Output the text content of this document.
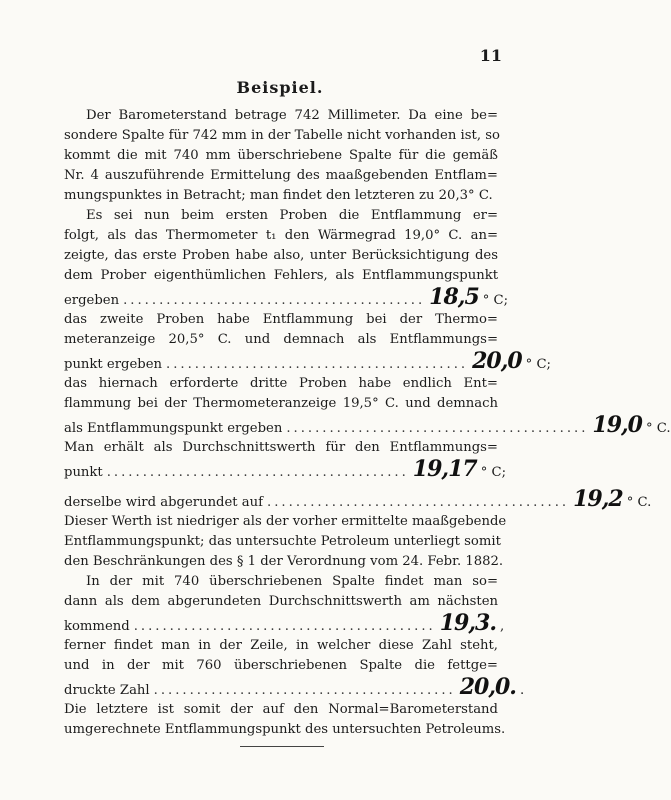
11
Beispiel.
Der Barometerstand betrage 742 Millimeter. Da eine be=
sondere Spalte für 742 mm in der Tabelle nicht vorhanden ist, so
kommt die mit 740 mm überschriebene Spalte für die gemäß
Nr. 4 auszuführende Ermittelung des maaßgebenden Entflam=
mungspunktes in Betracht; man findet den letzteren zu 20,3° C.
Es sei nun beim ersten Proben die Entflammung er=
folgt, als das Thermometer t₁ den Wärmegrad 19,0° C. an=
zeigte, das erste Proben habe also, unter Berücksichtigung des
dem Prober eigenthümlichen Fehlers, als Entflammungspunkt
ergeben .......................................... 18,5 ° C;
das zweite Proben habe Entflammung bei der Thermo=
meteranzeige 20,5° C. und demnach als Entflammungs=
punkt ergeben .......................................... 20,0 ° C;
das hiernach erforderte dritte Proben habe endlich Ent=
flammung bei der Thermometeranzeige 19,5° C. und demnach
als Entflammungspunkt ergeben .......................................... 19,0 ° C.
Man erhält als Durchschnittswerth für den Entflammungs=
punkt .......................................... 19,17 ° C;
derselbe wird abgerundet auf .......................................... 19,2 ° C.
Dieser Werth ist niedriger als der vorher ermittelte maaßgebende
Entflammungspunkt; das untersuchte Petroleum unterliegt somit
den Beschränkungen des § 1 der Verordnung vom 24. Febr. 1882.
In der mit 740 überschriebenen Spalte findet man so=
dann als dem abgerundeten Durchschnittswerth am nächsten
kommend .......................................... 19,3. ,
ferner findet man in der Zeile, in welcher diese Zahl steht,
und in der mit 760 überschriebenen Spalte die fettge=
druckte Zahl .......................................... 20,0. .
Die letztere ist somit der auf den Normal=Barometerstand
umgerechnete Entflammungspunkt des untersuchten Petroleums.
